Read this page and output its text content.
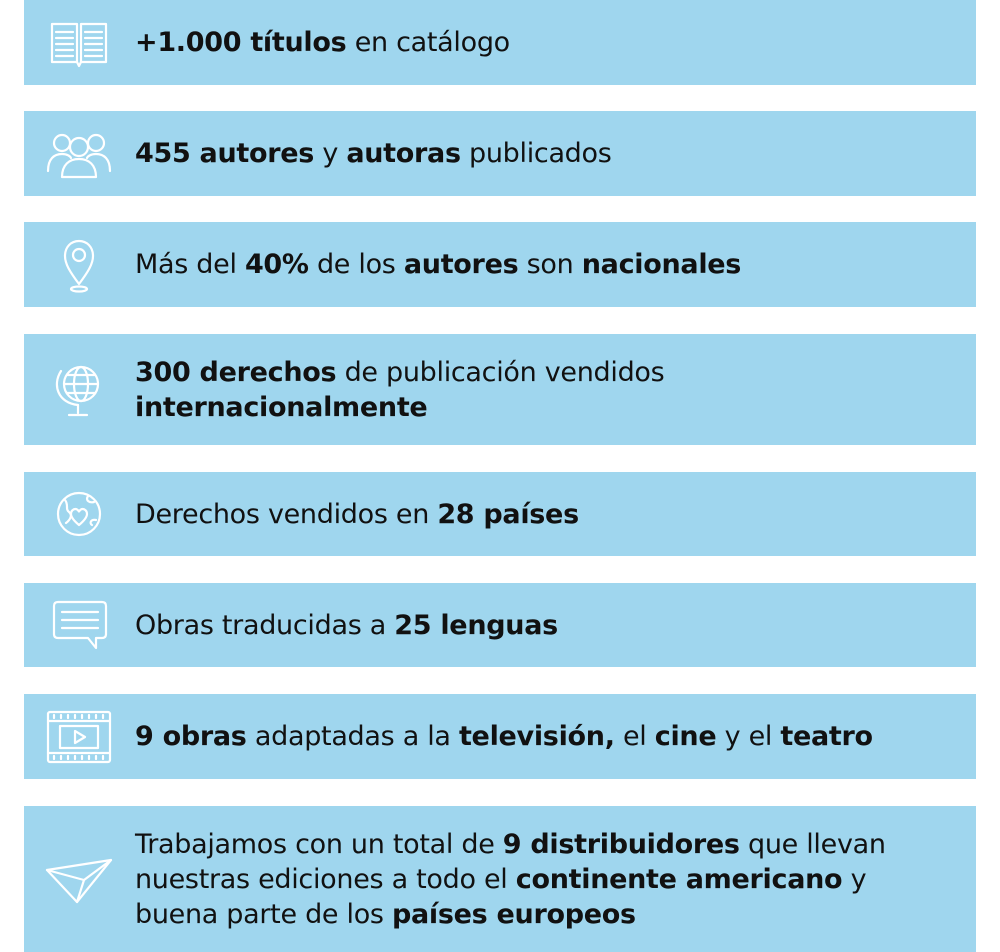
+1.000 títulos en catálogo
455 autores y autoras publicados
Más del 40% de los autores son nacionales
300 derechos de publicación vendidos
internacionalmente
Derechos vendidos en 28 países
Obras traducidas a 25 lenguas
9 obras adaptadas a la televisión, el cine y el teatro
Trabajamos con un total de 9 distribuidores que llevan
nuestras ediciones a todo el continente americano y
buena parte de los países europeos
